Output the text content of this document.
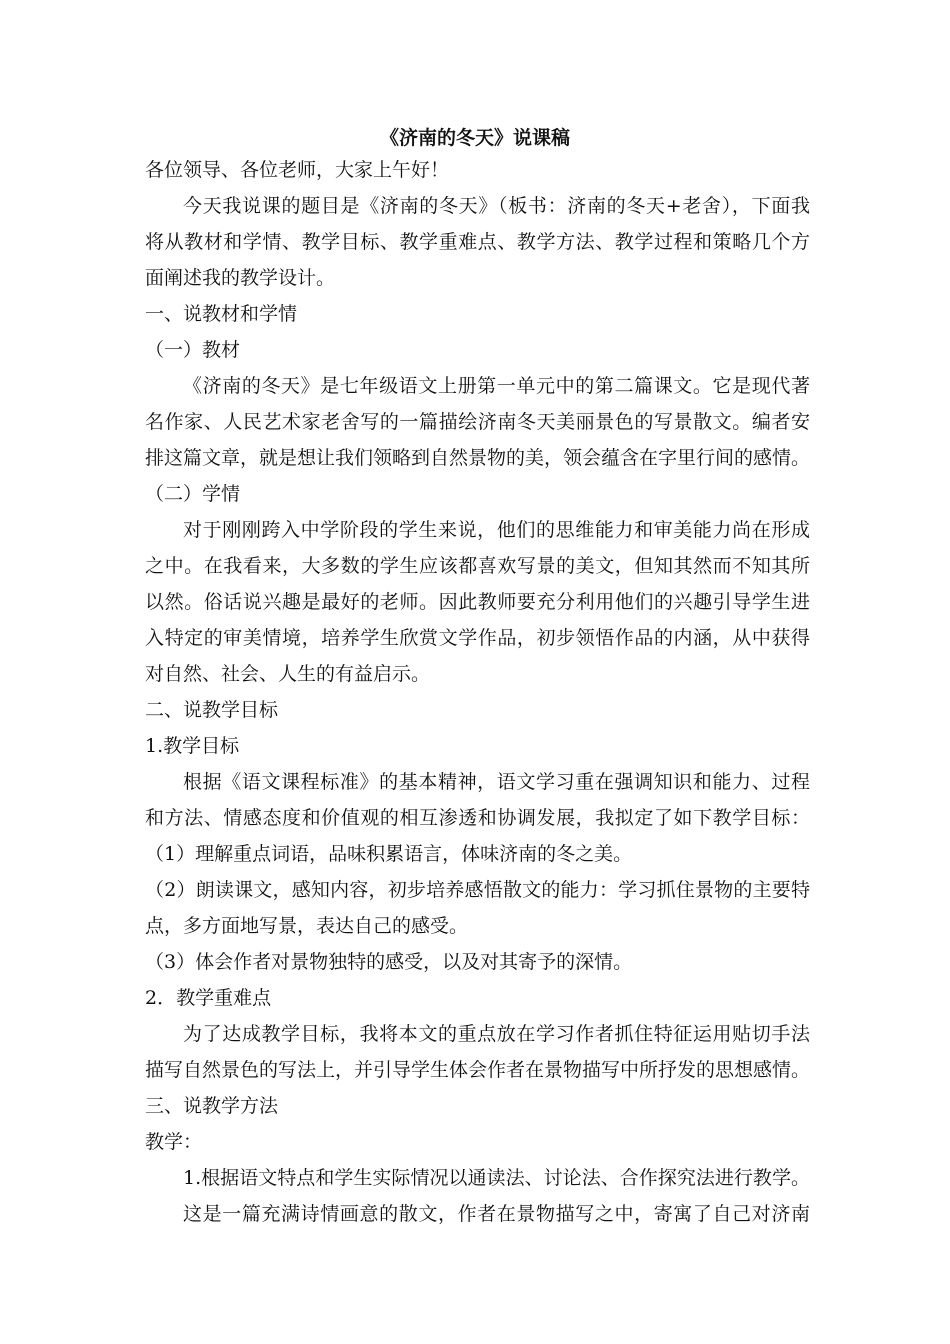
《济南的冬天》说课稿
各位领导、各位老师，大家上午好！
今天我说课的题目是《济南的冬天》（板书：济南的冬天+老舍），下面我
将从教材和学情、教学目标、教学重难点、教学方法、教学过程和策略几个方
面阐述我的教学设计。
一、说教材和学情
（一）教材
《济南的冬天》是七年级语文上册第一单元中的第二篇课文。它是现代著
名作家、人民艺术家老舍写的一篇描绘济南冬天美丽景色的写景散文。编者安
排这篇文章，就是想让我们领略到自然景物的美，领会蕴含在字里行间的感情。
（二）学情
对于刚刚跨入中学阶段的学生来说，他们的思维能力和审美能力尚在形成
之中。在我看来，大多数的学生应该都喜欢写景的美文，但知其然而不知其所
以然。俗话说兴趣是最好的老师。因此教师要充分利用他们的兴趣引导学生进
入特定的审美情境，培养学生欣赏文学作品，初步领悟作品的内涵，从中获得
对自然、社会、人生的有益启示。
二、说教学目标
1.教学目标
根据《语文课程标准》的基本精神，语文学习重在强调知识和能力、过程
和方法、情感态度和价值观的相互渗透和协调发展，我拟定了如下教学目标：
（1）理解重点词语，品味积累语言，体味济南的冬之美。
（2）朗读课文，感知内容，初步培养感悟散文的能力：学习抓住景物的主要特
点，多方面地写景，表达自己的感受。
（3）体会作者对景物独特的感受，以及对其寄予的深情。
2．教学重难点
为了达成教学目标，我将本文的重点放在学习作者抓住特征运用贴切手法
描写自然景色的写法上，并引导学生体会作者在景物描写中所抒发的思想感情。
三、说教学方法
教学：
1.根据语文特点和学生实际情况以通读法、讨论法、合作探究法进行教学。
这是一篇充满诗情画意的散文，作者在景物描写之中，寄寓了自己对济南
